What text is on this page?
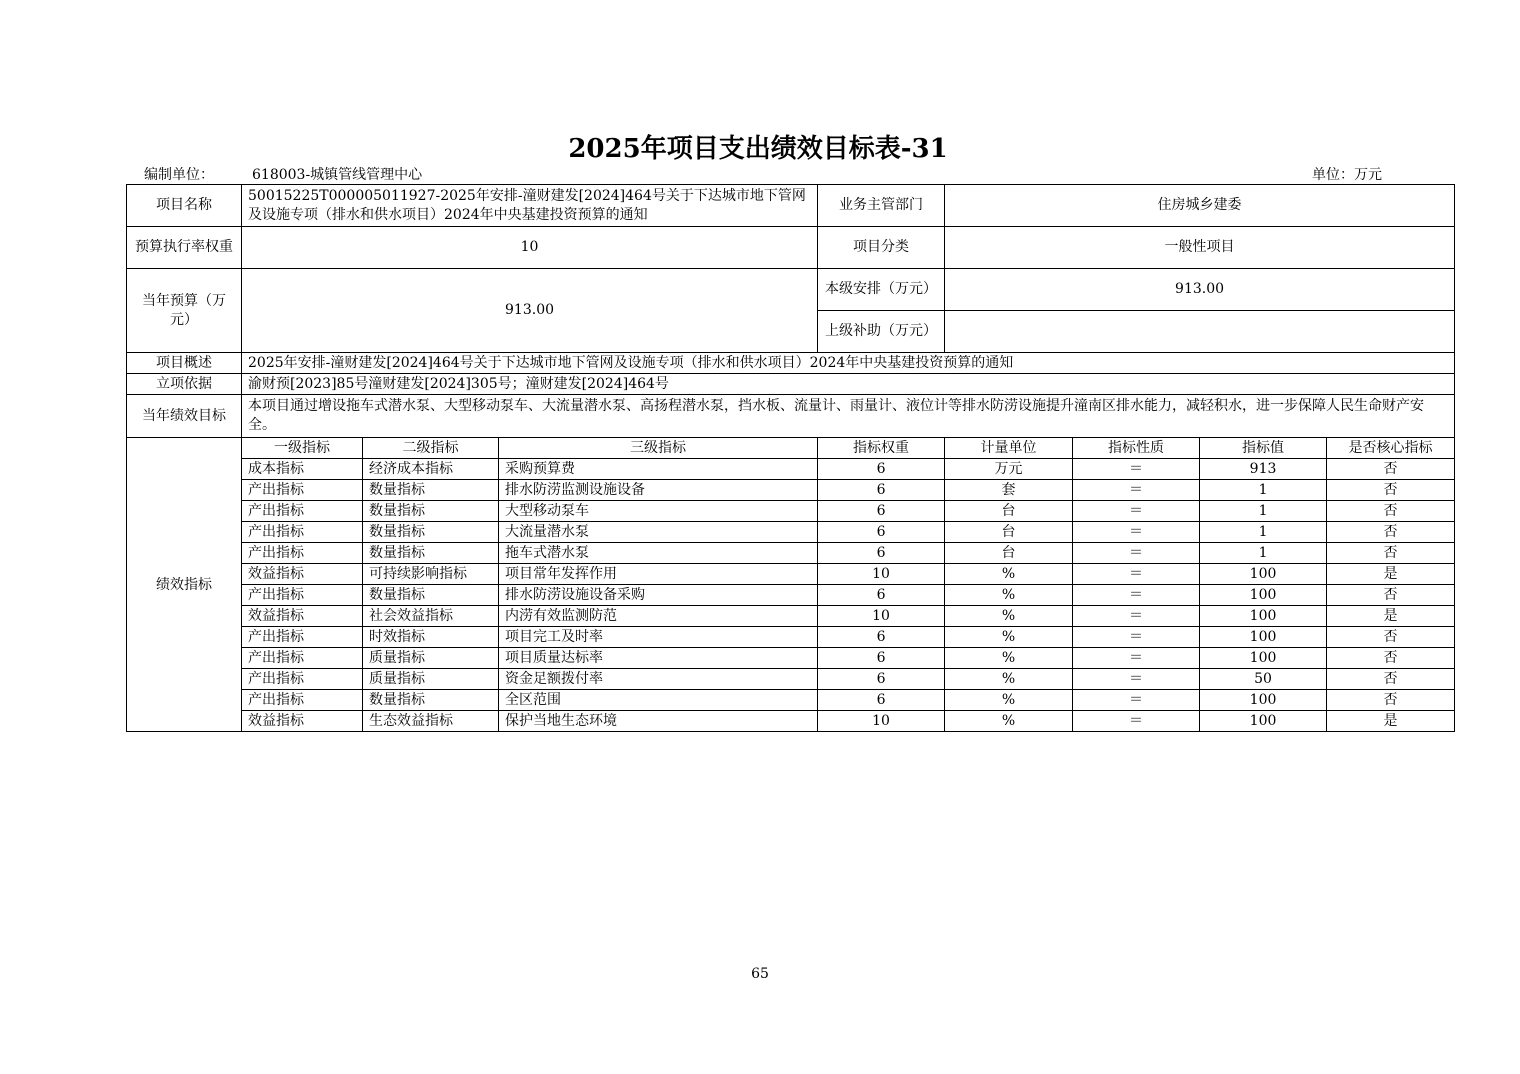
2025年项目支出绩效目标表-31
编制单位：	618003-城镇管线管理中心	单位：万元
项目名称	50015225T000005011927-2025年安排-潼财建发[2024]464号关于下达城市地下管网及设施专项（排水和供水项目）2024年中央基建投资预算的通知			业务主管部门	住房城乡建委			
预算执行率权重	10			项目分类	一般性项目			
当年预算（万元）	913.00			本级安排（万元）	913.00			
				上级补助（万元）				
项目概述	2025年安排-潼财建发[2024]464号关于下达城市地下管网及设施专项（排水和供水项目）2024年中央基建投资预算的通知							
立项依据	渝财预[2023]85号潼财建发[2024]305号；潼财建发[2024]464号							
当年绩效目标	本项目通过增设拖车式潜水泵、大型移动泵车、大流量潜水泵、高扬程潜水泵，挡水板、流量计、雨量计、液位计等排水防涝设施提升潼南区排水能力，减轻积水，进一步保障人民生命财产安全。							
绩效指标	一级指标	二级指标	三级指标	指标权重	计量单位	指标性质	指标值	是否核心指标
	成本指标	经济成本指标	采购预算费	6	万元	＝	913	否
	产出指标	数量指标	排水防涝监测设施设备	6	套	＝	1	否
	产出指标	数量指标	大型移动泵车	6	台	＝	1	否
	产出指标	数量指标	大流量潜水泵	6	台	＝	1	否
	产出指标	数量指标	拖车式潜水泵	6	台	＝	1	否
	效益指标	可持续影响指标	项目常年发挥作用	10	%	＝	100	是
	产出指标	数量指标	排水防涝设施设备采购	6	%	＝	100	否
	效益指标	社会效益指标	内涝有效监测防范	10	%	＝	100	是
	产出指标	时效指标	项目完工及时率	6	%	＝	100	否
	产出指标	质量指标	项目质量达标率	6	%	＝	100	否
	产出指标	质量指标	资金足额拨付率	6	%	＝	50	否
	产出指标	数量指标	全区范围	6	%	＝	100	否
	效益指标	生态效益指标	保护当地生态环境	10	%	＝	100	是
65
